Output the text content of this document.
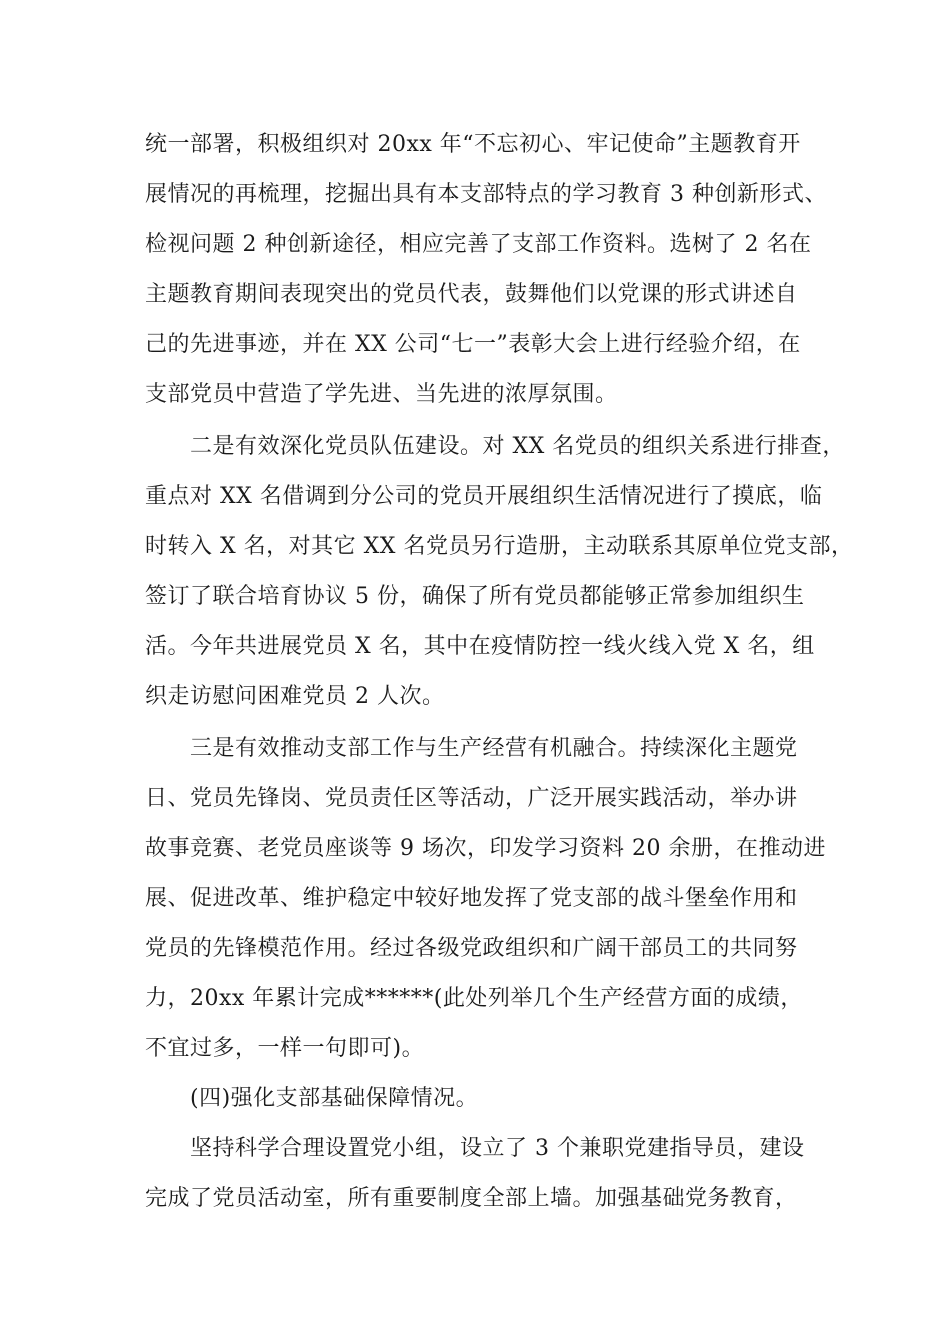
统一部署，积极组织对 20xx 年“不忘初心、牢记使命”主题教育开
展情况的再梳理，挖掘出具有本支部特点的学习教育 3 种创新形式、
检视问题 2 种创新途径，相应完善了支部工作资料。选树了 2 名在
主题教育期间表现突出的党员代表，鼓舞他们以党课的形式讲述自
己的先进事迹，并在 XX 公司“七一”表彰大会上进行经验介绍，在
支部党员中营造了学先进、当先进的浓厚氛围。
二是有效深化党员队伍建设。对 XX 名党员的组织关系进行排查，
重点对 XX 名借调到分公司的党员开展组织生活情况进行了摸底，临
时转入 X 名，对其它 XX 名党员另行造册，主动联系其原单位党支部，
签订了联合培育协议 5 份，确保了所有党员都能够正常参加组织生
活。今年共进展党员 X 名，其中在疫情防控一线火线入党 X 名，组
织走访慰问困难党员 2 人次。
三是有效推动支部工作与生产经营有机融合。持续深化主题党
日、党员先锋岗、党员责任区等活动，广泛开展实践活动，举办讲
故事竞赛、老党员座谈等 9 场次，印发学习资料 20 余册，在推动进
展、促进改革、维护稳定中较好地发挥了党支部的战斗堡垒作用和
党员的先锋模范作用。经过各级党政组织和广阔干部员工的共同努
力，20xx 年累计完成******(此处列举几个生产经营方面的成绩，
不宜过多，一样一句即可)。
(四)强化支部基础保障情况。
坚持科学合理设置党小组，设立了 3 个兼职党建指导员，建设
完成了党员活动室，所有重要制度全部上墙。加强基础党务教育，
